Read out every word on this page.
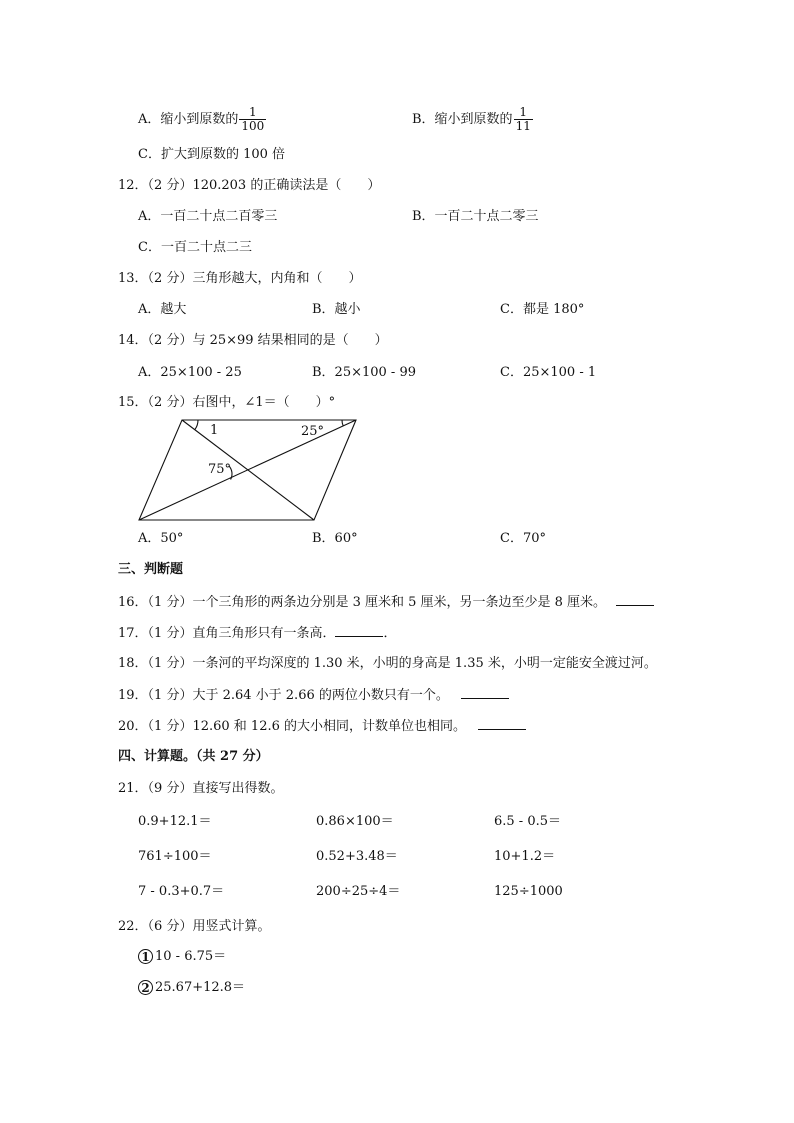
A．缩小到原数的 $\frac{1}{100}$	B．缩小到原数的 $\frac{1}{11}$
C．扩大到原数的 100 倍
12．（2 分）120.203 的正确读法是（　　）
A．一百二十点二百零三	B．一百二十点二零三
C．一百二十点二三
13．（2 分）三角形越大，内角和（　　）
A．越大	B．越小	C．都是 180°
14．（2 分）与 25×99 结果相同的是（　　）
A．25×100 - 25	B．25×100 - 99	C．25×100 - 1
15．（2 分）右图中，∠1＝（　　）°
1	25°
75°
A．50°	B．60°	C．70°
三、判断题
16．（1 分）一个三角形的两条边分别是 3 厘米和 5 厘米，另一条边至少是 8 厘米。
17．（1 分）直角三角形只有一条高．	．
18．（1 分）一条河的平均深度的 1.30 米，小明的身高是 1.35 米，小明一定能安全渡过河。
19．（1 分）大于 2.64 小于 2.66 的两位小数只有一个。
20．（1 分）12.60 和 12.6 的大小相同，计数单位也相同。
四、计算题。（共 27 分）
21．（9 分）直接写出得数。
0.9+12.1＝	0.86×100＝	6.5 - 0.5＝
761÷100＝	0.52+3.48＝	10+1.2＝
7 - 0.3+0.7＝	200÷25÷4＝	125÷1000
22．（6 分）用竖式计算。
1 10 - 6.75＝
2 25.67+12.8＝
